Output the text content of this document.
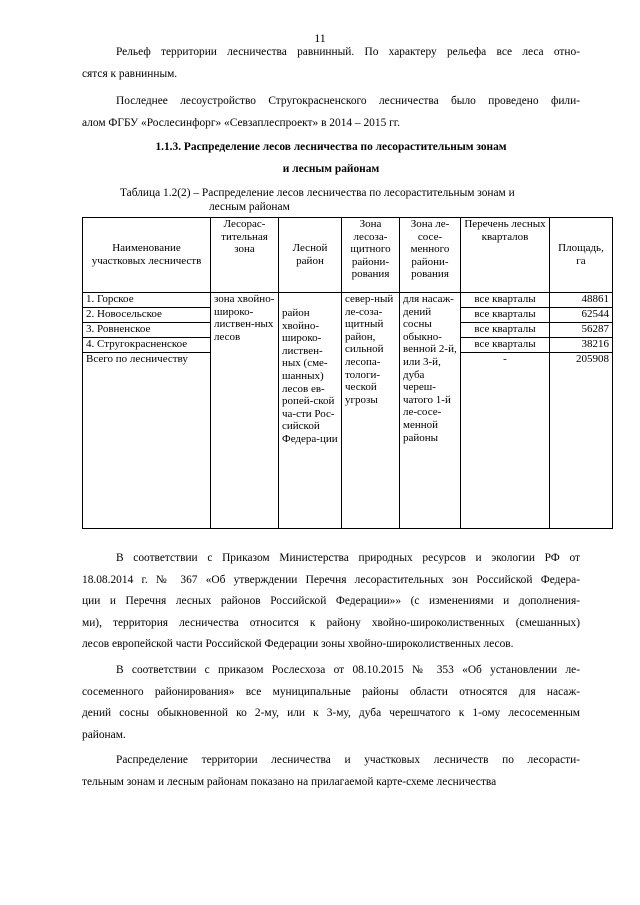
11

Рельеф территории лесничества равнинный. По характеру рельефа все леса отно-
сятся к равнинным.

Последнее лесоустройство Стругокрасненского лесничества было проведено фили-
алом ФГБУ «Рослесинфорг» «Севзаплеспроект» в 2014 – 2015 гг.

1.1.3. Распределение лесов лесничества по лесорастительным зонам
и лесным районам

Таблица 1.2(2) – Распределение лесов лесничества по лесорастительным зонам и
лесным районам

Наименование участковых лесничеств	Лесорас-тительная зона	Лесной район	Зона лесоза-щитного райони-рования	Зона ле-сосе-менного райони-рования	Перечень лесных кварталов	Площадь, га
1. Горское	зона хвойно-широко-листвен-ных лесов	район хвойно-широко-листвен-ных (сме-шанных) лесов ев-ропей-ской ча-сти Рос-сийской Федера-ции	север-ный ле-соза-щитный район, сильной лесопа-тологи-ческой угрозы	для насаж-дений сосны обыкно-венной 2-й, или 3-й, дуба череш-чатого 1-й ле-сосе-менной районы	все кварталы	48861
2. Новосельское					все кварталы	62544
3. Ровненское					все кварталы	56287
4. Стругокрасненское					все кварталы	38216
Всего по лесничеству					-	205908

В соответствии с Приказом Министерства природных ресурсов и экологии РФ от
18.08.2014 г. № 367 «Об утверждении Перечня лесорастительных зон Российской Федера-
ции и Перечня лесных районов Российской Федерации»» (с изменениями и дополнения-
ми), территория лесничества относится к району хвойно-широколиственных (смешанных)
лесов европейской части Российской Федерации зоны хвойно-широколиственных лесов.

В соответствии с приказом Рослесхоза от 08.10.2015 № 353 «Об установлении ле-
сосеменного районирования» все муниципальные районы области относятся для насаж-
дений сосны обыкновенной ко 2-му, или к 3-му, дуба черешчатого к 1-ому лесосеменным
районам.

Распределение территории лесничества и участковых лесничеств по лесорасти-
тельным зонам и лесным районам показано на прилагаемой карте-схеме лесничества
